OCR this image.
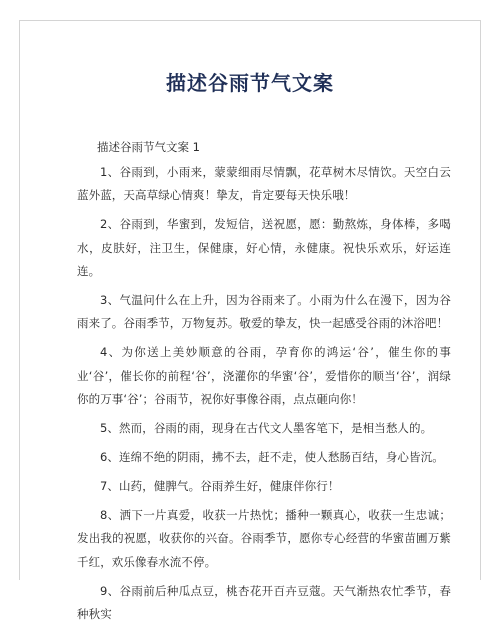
描述谷雨节气文案

描述谷雨节气文案 1

1、谷雨到，小雨来，蒙蒙细雨尽情飘，花草树木尽情饮。天空白云蓝外蓝，天高草绿心情爽！挚友，肯定要每天快乐哦！

2、谷雨到，华蜜到，发短信，送祝愿，愿：勤熬炼，身体棒，多喝水，皮肤好，注卫生，保健康，好心情，永健康。祝快乐欢乐，好运连连。

3、气温问什么在上升，因为谷雨来了。小雨为什么在漫下，因为谷雨来了。谷雨季节，万物复苏。敬爱的挚友，快一起感受谷雨的沐浴吧！

4、为你送上美妙顺意的谷雨，孕育你的鸿运‘谷’，催生你的事业‘谷’，催长你的前程‘谷’，浇灌你的华蜜‘谷’，爱惜你的顺当‘谷’，润绿你的万事‘谷’；谷雨节，祝你好事像谷雨，点点砸向你！

5、然而，谷雨的雨，现身在古代文人墨客笔下，是相当愁人的。

6、连绵不绝的阴雨，拂不去，赶不走，使人愁肠百结，身心皆沉。

7、山药，健脾气。谷雨养生好，健康伴你行！

8、洒下一片真爱，收获一片热忱；播种一颗真心，收获一生忠诚；发出我的祝愿，收获你的兴奋。谷雨季节，愿你专心经营的华蜜苗圃万紫千红，欢乐像春水流不停。

9、谷雨前后种瓜点豆，桃杏花开百卉豆蔻。天气渐热农忙季节，春种秋实
